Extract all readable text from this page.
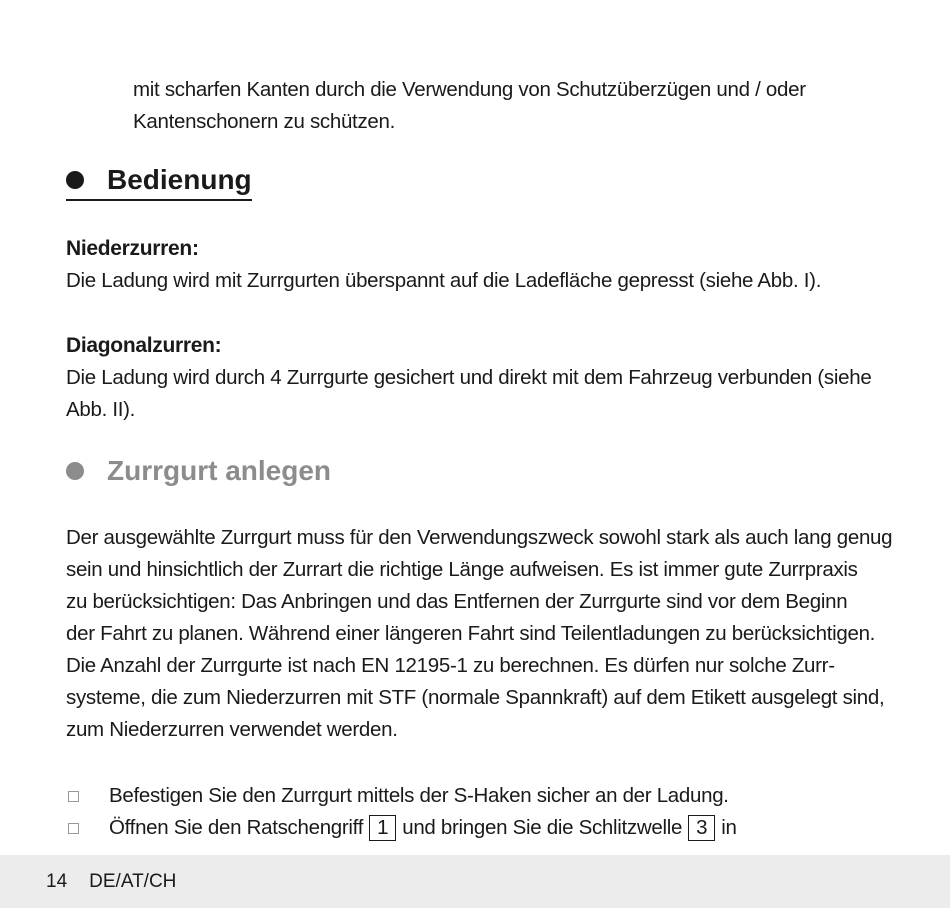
mit scharfen Kanten durch die Verwendung von Schutzüberzügen und / oder
Kantenschonern zu schützen.
Bedienung
Niederzurren:
Die Ladung wird mit Zurrgurten überspannt auf die Ladefläche gepresst (siehe Abb. I).
Diagonalzurren:
Die Ladung wird durch 4 Zurrgurte gesichert und direkt mit dem Fahrzeug verbunden (siehe
Abb. II).
Zurrgurt anlegen
Der ausgewählte Zurrgurt muss für den Verwendungszweck sowohl stark als auch lang genug
sein und hinsichtlich der Zurrart die richtige Länge aufweisen. Es ist immer gute Zurrpraxis
zu berücksichtigen: Das Anbringen und das Entfernen der Zurrgurte sind vor dem Beginn
der Fahrt zu planen. Während einer längeren Fahrt sind Teilentladungen zu berücksichtigen.
Die Anzahl der Zurrgurte ist nach EN 12195-1 zu berechnen. Es dürfen nur solche Zurr-
systeme, die zum Niederzurren mit STF (normale Spannkraft) auf dem Etikett ausgelegt sind,
zum Niederzurren verwendet werden.
Befestigen Sie den Zurrgurt mittels der S-Haken sicher an der Ladung.
Öffnen Sie den Ratschengriff 1 und bringen Sie die Schlitzwelle 3 in
14 DE/AT/CH
